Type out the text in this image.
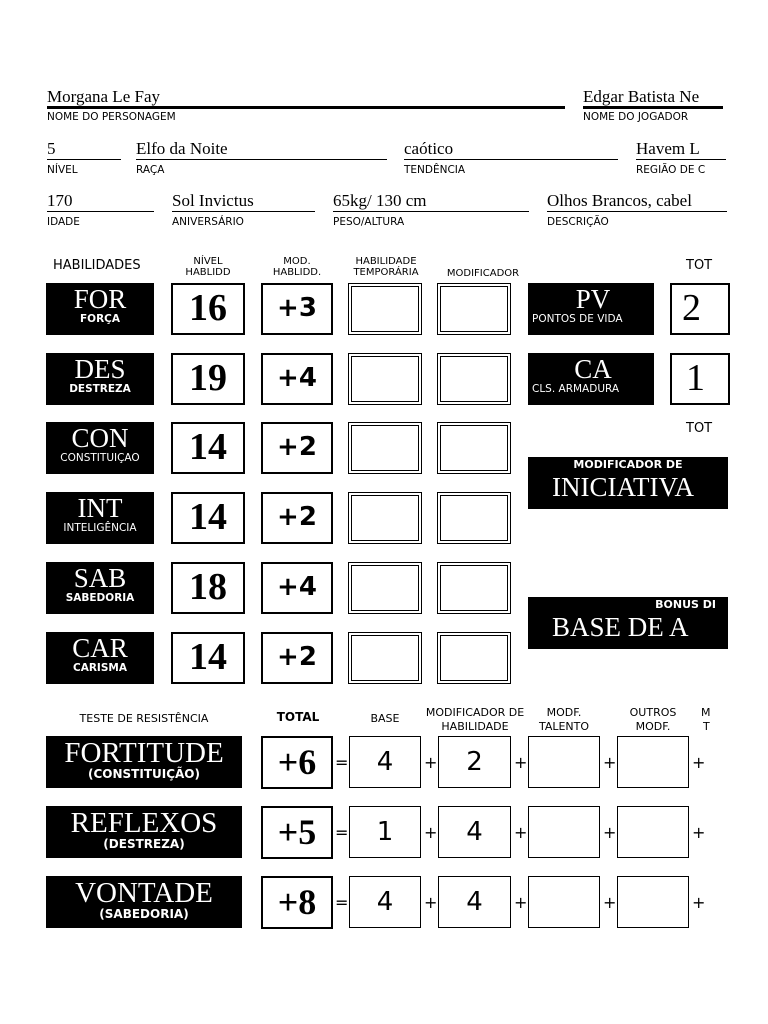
Morgana Le Fay
NOME DO PERSONAGEM
Edgar Batista Ne
NOME DO JOGADOR
5
NÍVEL
Elfo da Noite
RAÇA
caótico
TENDÊNCIA
Havem L
REGIÃO DE C
170
IDADE
Sol Invictus
ANIVERSÁRIO
65kg/ 130 cm
PESO/ALTURA
Olhos Brancos, cabel
DESCRIÇÃO
HABILIDADES	NÍVEL HABLIDD
MOD. HABLIDD.
HABILIDADE TEMPORÁRIA	MODIFICADOR
TOT
FOR
FORÇA	16	+3
DES
DESTREZA	19	+4
CON
CONSTITUIÇAO	14	+2
INT
INTELIGÊNCIA	14	+2
SAB
SABEDORIA	18	+4
CAR
CARISMA	14	+2
PV
PONTOS DE VIDA	2
CA
CLS. ARMADURA	1
TOT
MODIFICADOR DE
INICIATIVA
BONUS DI
BASE DE A
TESTE DE RESISTÊNCIA	TOTAL	BASE	MODIFICADOR DE HABILIDADE
MODF. TALENTO
OUTROS MODF.
M
T
FORTITUDE
(CONSTITUIÇÃO)	+6	=	4	+	2	+	+	+
REFLEXOS
(DESTREZA)	+5	=	1	+	4	+	+	+
VONTADE
(SABEDORIA)	+8	=	4	+	4	+	+	+
